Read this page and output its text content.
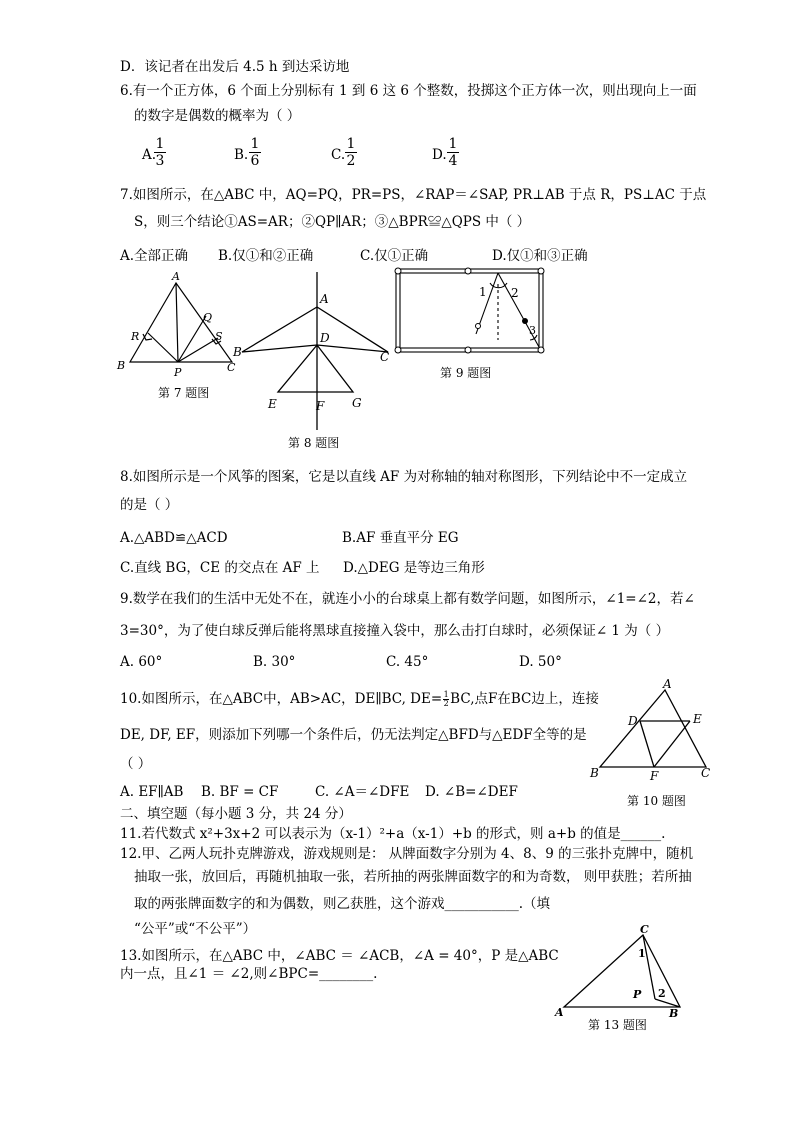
D．该记者在出发后 4.5 h 到达采访地
6.有一个正方体，6 个面上分别标有 1 到 6 这 6 个整数，投掷这个正方体一次，则出现向上一面
的数字是偶数的概率为（ ）
A.
1
3	B.
1
6	C.
1
2	D.
1
4
7.如图所示，在△ABC 中，AQ=PQ，PR=PS，∠RAP＝∠SAP, PR⊥AB 于点 R，PS⊥AC 于点
S，则三个结论①AS=AR；②QP∥AR；③△BPR≌△QPS 中（ ）
A.全部正确 B.仅①和②正确	C.仅①正确	D.仅①和③正确
A
B	C
P
Q
R	S
第 7 题图
A
B	C
D
E	F G
第 8 题图
1 2
3
第 9 题图
8.如图所示是一个风筝的图案，它是以直线 AF 为对称轴的轴对称图形，下列结论中不一定成立
的是（ ）
A.△ABD≌△ACD	B.AF 垂直平分 EG
C.直线 BG，CE 的交点在 AF 上 D.△DEG 是等边三角形
9.数学在我们的生活中无处不在，就连小小的台球桌上都有数学问题，如图所示，∠1=∠2，若∠
3=30°，为了使白球反弹后能将黑球直接撞入袋中，那么击打白球时，必须保证∠ 1 为（ ）
A. 60°	B. 30°	C. 45°	D. 50°
10.如图所示，在△ABC中，AB>AC，DE∥BC, $DE= \frac{1}{2}$ BC,点F在BC边上，连接
DE, DF, EF，则添加下列哪一个条件后，仍无法判定△BFD与△EDF全等的是
（ ）
A. EF∥AB B. BF = CF	C. ∠A＝∠DFE D. ∠B=∠DEF
A
B	C
D	E
F
第 10 题图
二、填空题（每小题 3 分，共 24 分）
11.若代数式 x²+3x+2 可以表示为（x-1）²+a（x-1）+b 的形式，则 a+b 的值是______.
12.甲、乙两人玩扑克牌游戏，游戏规则是： 从牌面数字分别为 4、8、9 的三张扑克牌中，随机
抽取一张，放回后，再随机抽取一张，若所抽的两张牌面数字的和为奇数， 则甲获胜；若所抽
取的两张牌面数字的和为偶数，则乙获胜，这个游戏___________.（填
“公平”或“不公平”）
13.如图所示，在△ABC 中，∠ABC ＝ ∠ACB，∠A = 40°，P 是△ABC
内一点，且∠1 ＝ ∠2,则∠BPC=________.
C
A	B
P
1
2
第 13 题图
